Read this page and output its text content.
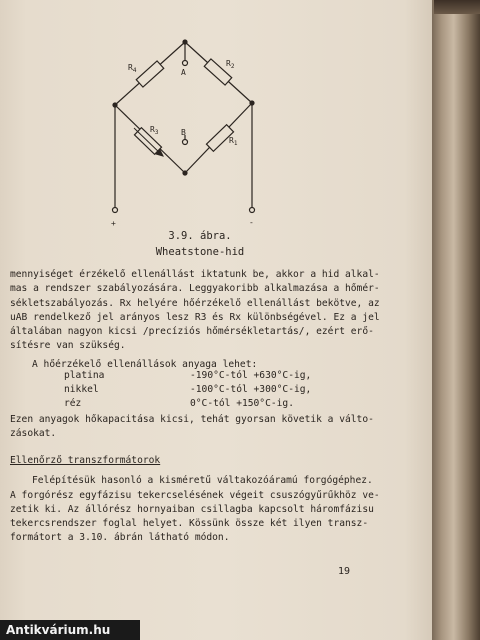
$R_4$
$R_2$
$R_3$
$R_1$
A
B
+	-
3.9. ábra.
Wheatstone-hid

mennyiséget érzékelő ellenállást iktatunk be, akkor a hid alkal-

mas a rendszer szabályozására. Leggyakoribb alkalmazása a hőmér-

sékletszabályozás. Rx helyére hőérzékelő ellenállást bekötve, az

uAB rendelkező jel arányos lesz R3 és Rx különbségével. Ez a jel

általában nagyon kicsi /precíziós hőmérsékletartás/, ezért erő-

sítésre van szükség.

A hőérzékelő ellenállások anyaga lehet:

platina	-190°C-tól +630°C-ig,
nikkel	-100°C-tól +300°C-ig,
réz	0°C-tól +150°C-ig.

Ezen anyagok hőkapacitása kicsi, tehát gyorsan követik a válto-

zásokat.

Ellenőrző transzformátorok

Felépítésük hasonló a kisméretű váltakozóáramú forgógéphez.

A forgórész egyfázisu tekercselésének végeit csuszógyűrűkhöz ve-

zetik ki. Az állórész hornyaiban csillagba kapcsolt háromfázisu

tekercsrendszer foglal helyet. Kössünk össze két ilyen transz-

formátort a 3.10. ábrán látható módon.

19
Antikvárium.hu
